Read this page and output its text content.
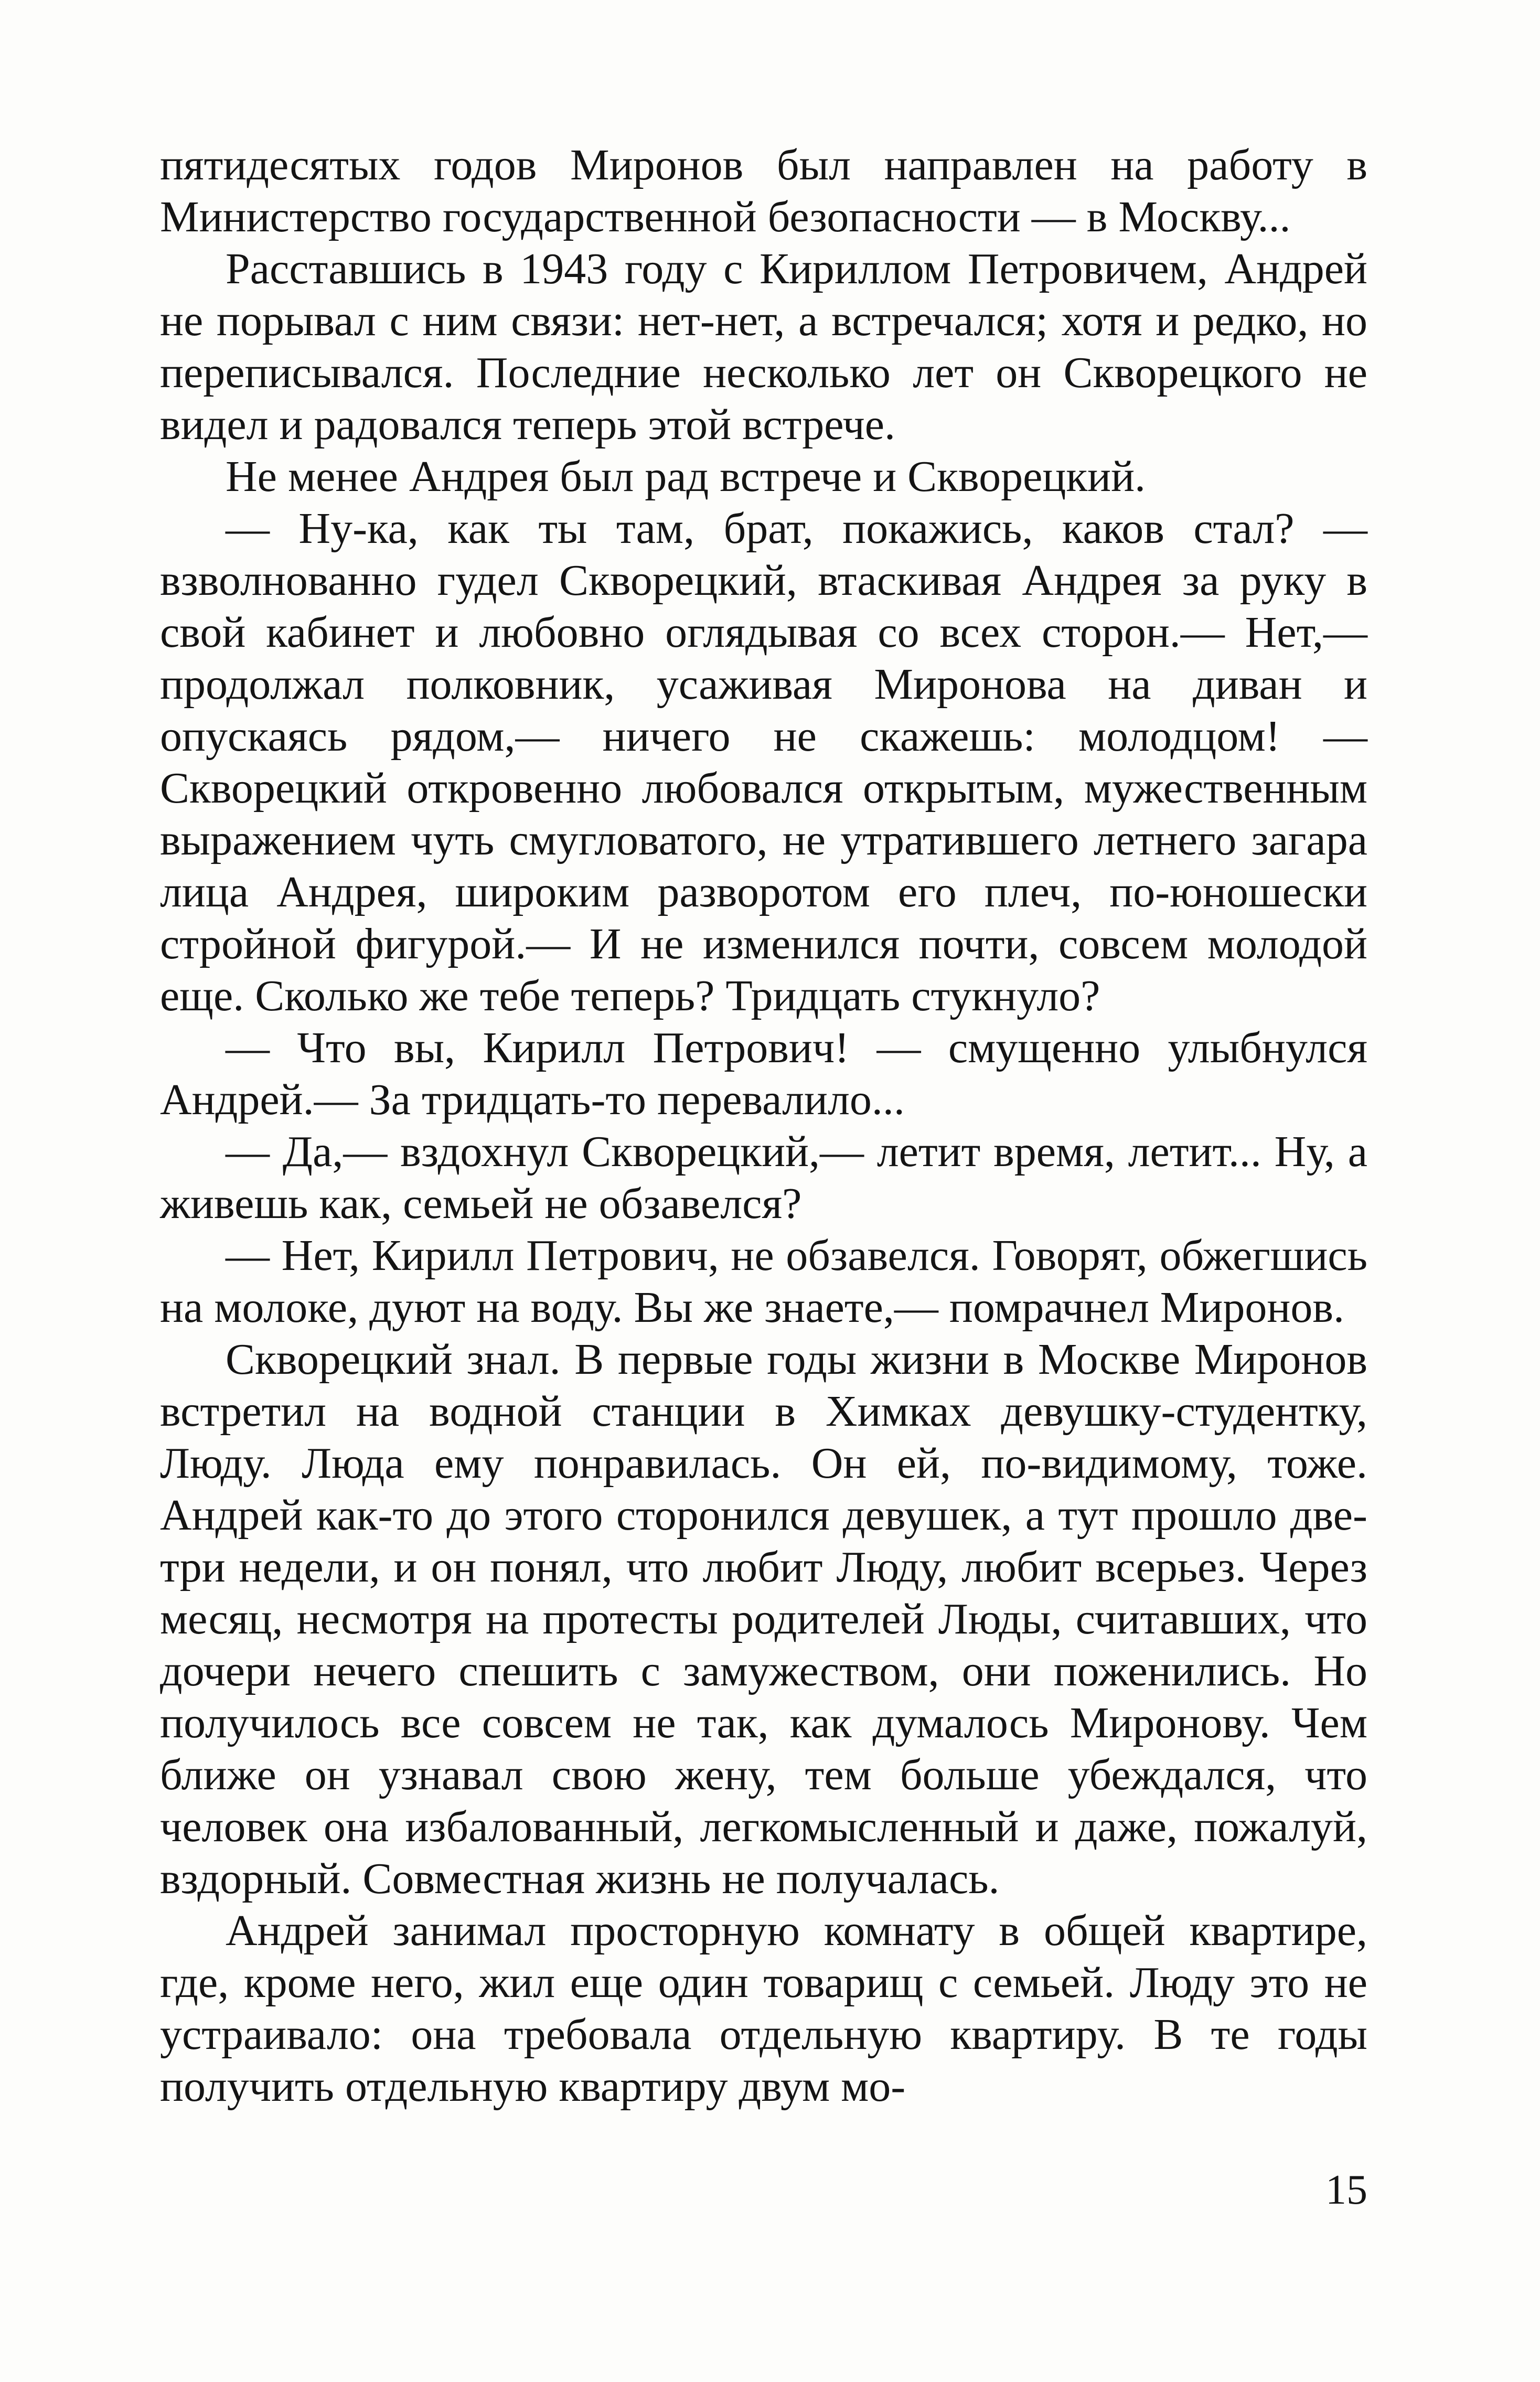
пятидесятых годов Миронов был направлен на работу в Министерство государственной безопасности — в Москву...

Расставшись в 1943 году с Кириллом Петровичем, Андрей не порывал с ним связи: нет-нет, а встречался; хотя и редко, но переписывался. Последние несколько лет он Скворецкого не видел и радовался теперь этой встрече.

Не менее Андрея был рад встрече и Скворецкий.

— Ну-ка, как ты там, брат, покажись, каков стал? — взволнованно гудел Скворецкий, втаскивая Андрея за руку в свой кабинет и любовно оглядывая со всех сторон.— Нет,— продолжал полковник, усаживая Миронова на диван и опускаясь рядом,— ничего не скажешь: молодцом! — Скворецкий откровенно любовался открытым, мужественным выражением чуть смугловатого, не утратившего летнего загара лица Андрея, широким разворотом его плеч, по-юношески стройной фигурой.— И не изменился почти, совсем молодой еще. Сколько же тебе теперь? Тридцать стукнуло?

— Что вы, Кирилл Петрович! — смущенно улыбнулся Андрей.— За тридцать-то перевалило...

— Да,— вздохнул Скворецкий,— летит время, летит... Ну, а живешь как, семьей не обзавелся?

— Нет, Кирилл Петрович, не обзавелся. Говорят, обжегшись на молоке, дуют на воду. Вы же знаете,— помрачнел Миронов.

Скворецкий знал. В первые годы жизни в Москве Миронов встретил на водной станции в Химках девушку-студентку, Люду. Люда ему понравилась. Он ей, по-видимому, тоже. Андрей как-то до этого сторонился девушек, а тут прошло две-три недели, и он понял, что любит Люду, любит всерьез. Через месяц, несмотря на протесты родителей Люды, считавших, что дочери нечего спешить с замужеством, они поженились. Но получилось все совсем не так, как думалось Миронову. Чем ближе он узнавал свою жену, тем больше убеждался, что человек она избалованный, легкомысленный и даже, пожалуй, вздорный. Совместная жизнь не получалась.

Андрей занимал просторную комнату в общей квартире, где, кроме него, жил еще один товарищ с семьей. Люду это не устраивало: она требовала отдельную квартиру. В те годы получить отдельную квартиру двум мо-

15
